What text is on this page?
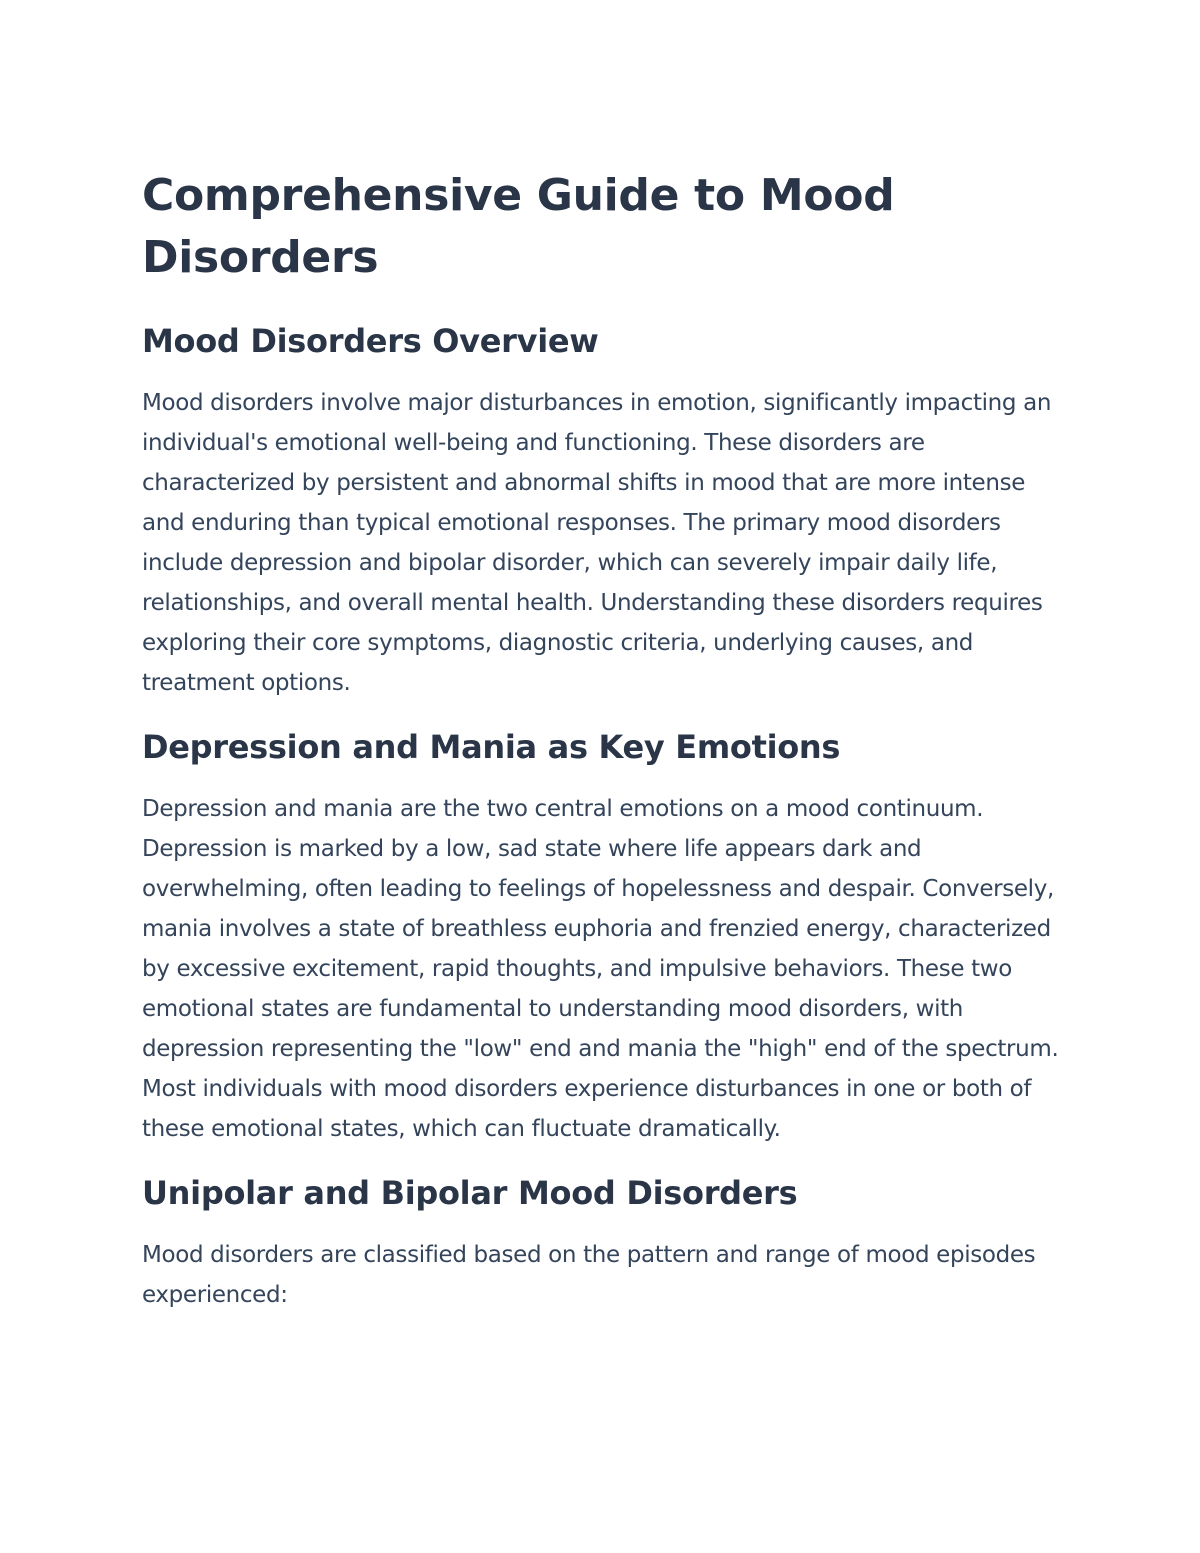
Comprehensive Guide to Mood Disorders
Mood Disorders Overview

Mood disorders involve major disturbances in emotion, significantly impacting an individual's emotional well-being and functioning. These disorders are characterized by persistent and abnormal shifts in mood that are more intense and enduring than typical emotional responses. The primary mood disorders include depression and bipolar disorder, which can severely impair daily life, relationships, and overall mental health. Understanding these disorders requires exploring their core symptoms, diagnostic criteria, underlying causes, and treatment options.

Depression and Mania as Key Emotions

Depression and mania are the two central emotions on a mood continuum. Depression is marked by a low, sad state where life appears dark and overwhelming, often leading to feelings of hopelessness and despair. Conversely, mania involves a state of breathless euphoria and frenzied energy, characterized by excessive excitement, rapid thoughts, and impulsive behaviors. These two emotional states are fundamental to understanding mood disorders, with depression representing the "low" end and mania the "high" end of the spectrum. Most individuals with mood disorders experience disturbances in one or both of these emotional states, which can fluctuate dramatically.

Unipolar and Bipolar Mood Disorders

Mood disorders are classified based on the pattern and range of mood episodes experienced:
